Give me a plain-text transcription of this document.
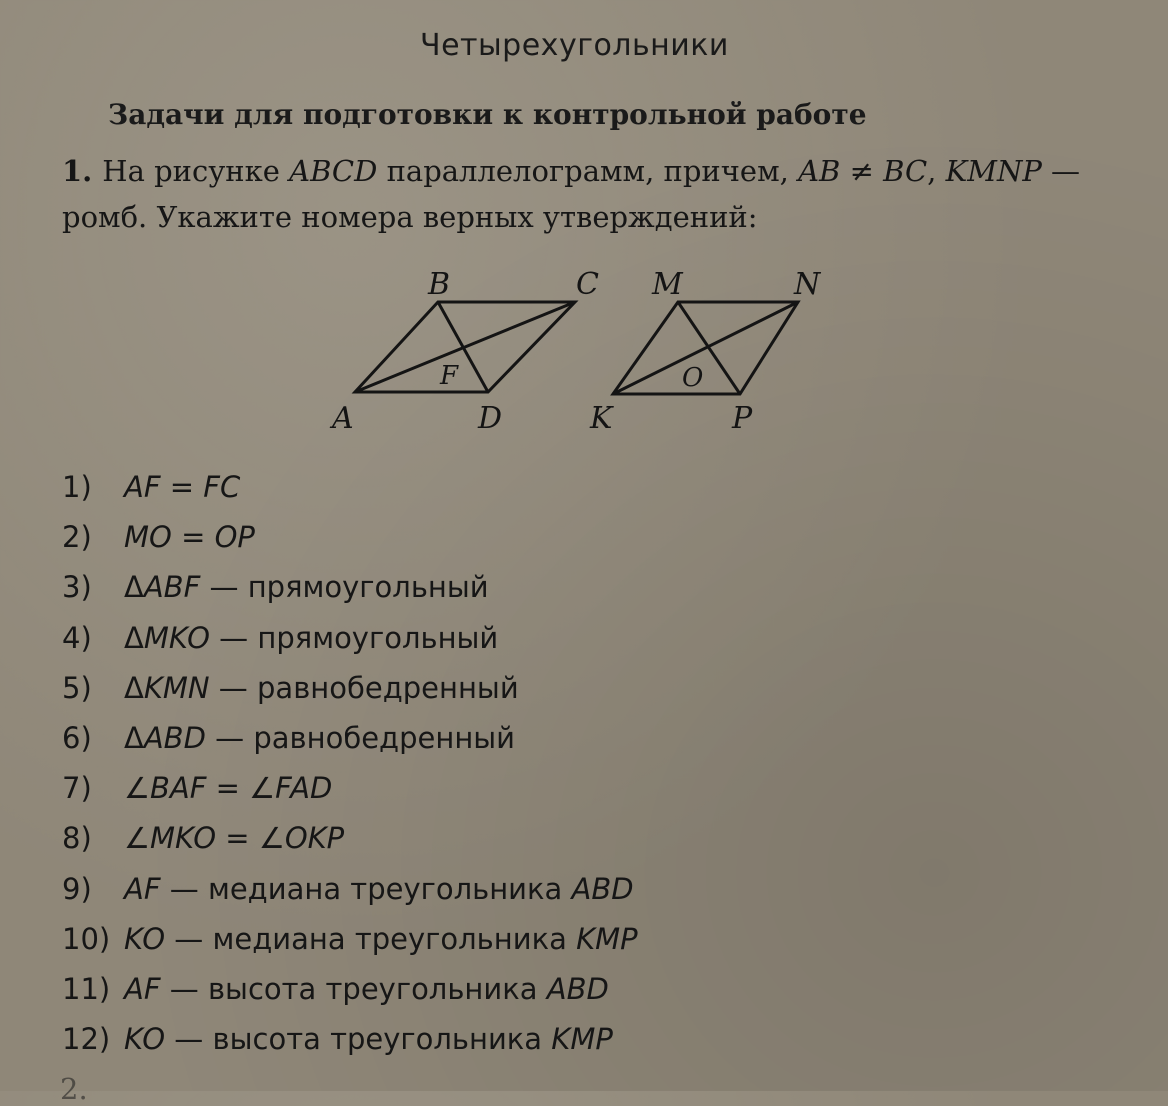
Четырехугольники
Задачи для подготовки к контрольной работе
1. На рисунке ABCD параллелограмм, причем, AB ≠ BC, KMNP — ромб. Укажите номера верных утверждений:
B	C
A	D
F
M	N
K	P
O
1) AF = FC
2) MO = OP
3) ΔABF — прямоугольный
4) ΔMKO — прямоугольный
5) ΔKMN — равнобедренный
6) ΔABD — равнобедренный
7) ∠BAF = ∠FAD
8) ∠MKO = ∠OKP
9) AF — медиана треугольника ABD
10) KO — медиана треугольника KMP
11) AF — высота треугольника ABD
12) KO — высота треугольника KMP
2.
